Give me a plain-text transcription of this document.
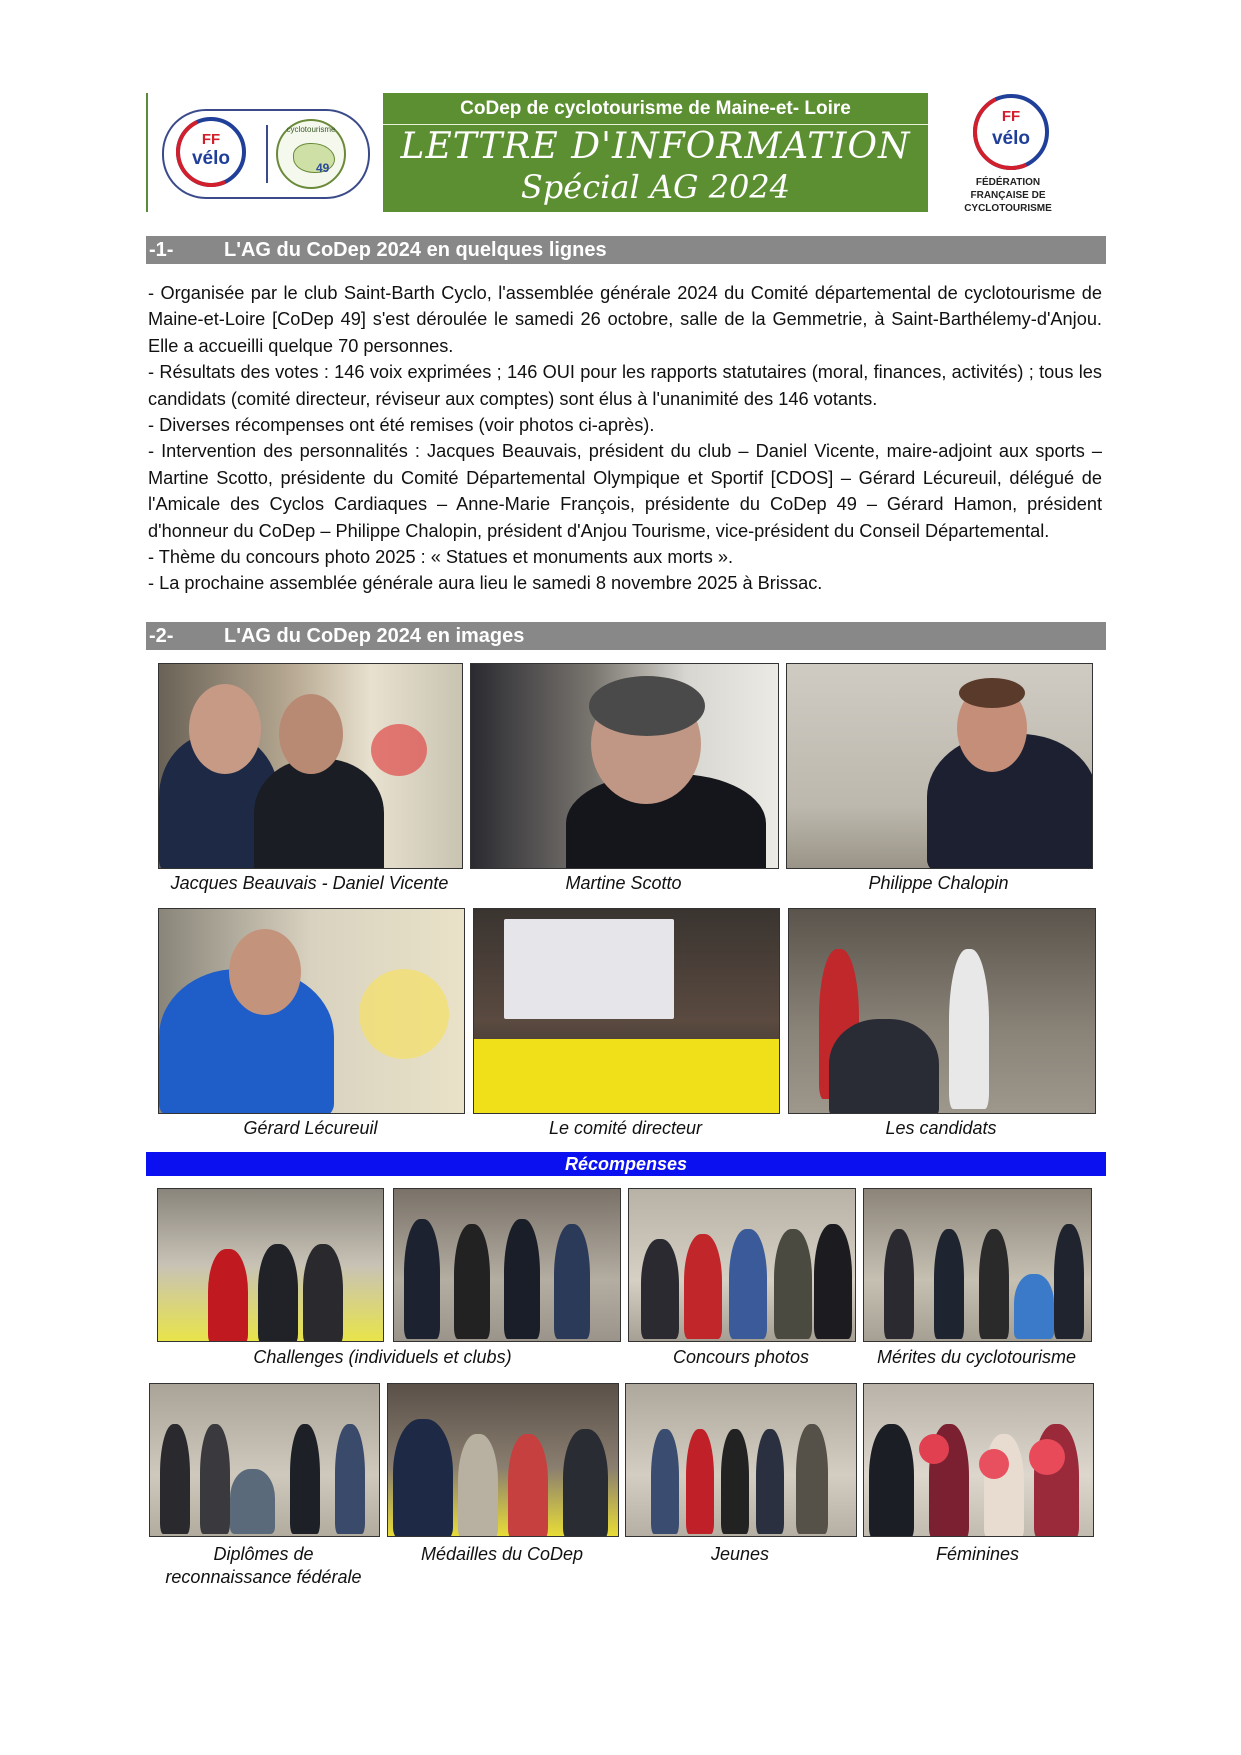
FF
vélo
cyclotourisme
49
CoDep de cyclotourisme de Maine-et- Loire
LETTRE D'INFORMATION
Spécial AG 2024
FF
vélo
FÉDÉRATION FRANÇAISE DE CYCLOTOURISME
-1-	L'AG du CoDep 2024 en quelques lignes

- Organisée par le club Saint-Barth Cyclo, l'assemblée générale 2024 du Comité départemental de cyclotourisme de Maine-et-Loire [CoDep 49] s'est déroulée le samedi 26 octobre, salle de la Gemmetrie, à Saint-Barthélemy-d'Anjou. Elle a accueilli quelque 70 personnes.

- Résultats des votes : 146 voix exprimées ; 146 OUI pour les rapports statutaires (moral, finances, activités) ; tous les candidats (comité directeur, réviseur aux comptes) sont élus à l'unanimité des 146 votants.

- Diverses récompenses ont été remises (voir photos ci-après).

- Intervention des personnalités : Jacques Beauvais, président du club – Daniel Vicente, maire-adjoint aux sports – Martine Scotto, présidente du Comité Départemental Olympique et Sportif [CDOS] – Gérard Lécureuil, délégué de l'Amicale des Cyclos Cardiaques – Anne-Marie François, présidente du CoDep 49 – Gérard Hamon, président d'honneur du CoDep – Philippe Chalopin, président d'Anjou Tourisme, vice-président du Conseil Départemental.

- Thème du concours photo 2025 : « Statues et monuments aux morts ».

- La prochaine assemblée générale aura lieu le samedi 8 novembre 2025 à Brissac.

-2-	L'AG du CoDep 2024 en images
Jacques Beauvais - Daniel Vicente	Martine Scotto	Philippe Chalopin
Gérard Lécureuil	Le comité directeur	Les candidats
Récompenses
Challenges (individuels et clubs)	Concours photos	Mérites du cyclotourisme
Diplômes de reconnaissance fédérale
Médailles du CoDep	Jeunes	Féminines
